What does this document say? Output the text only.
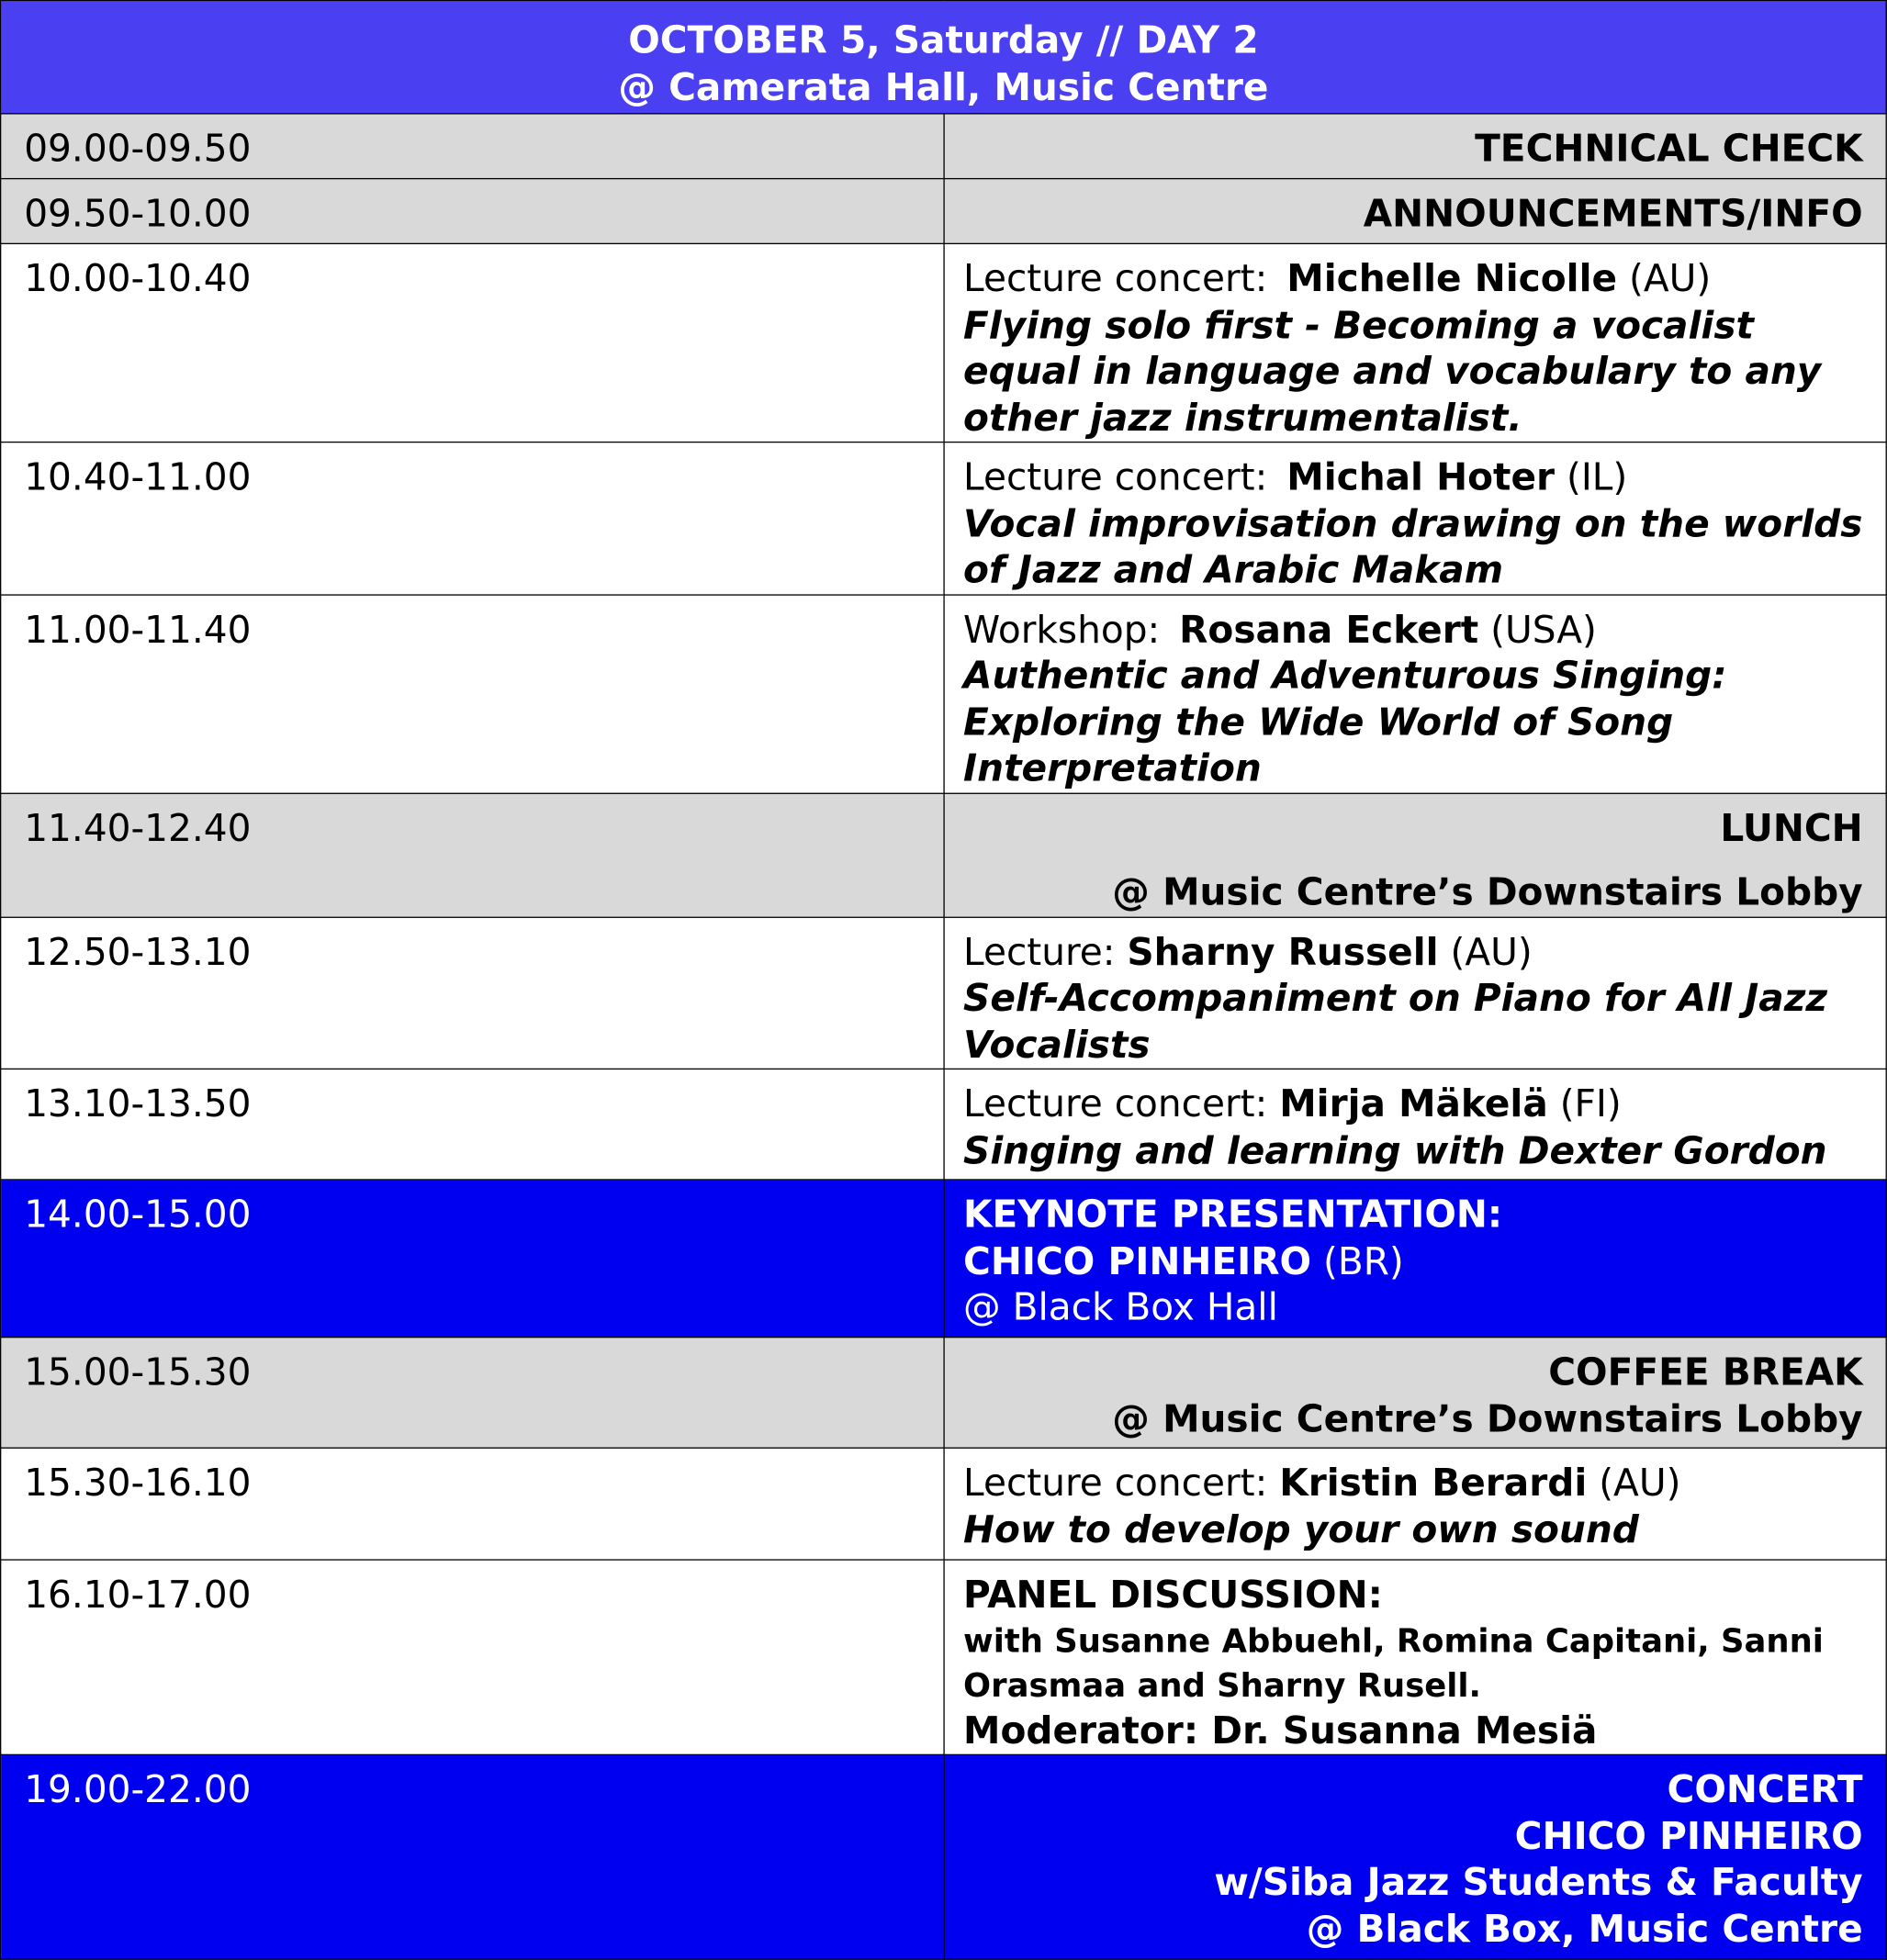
OCTOBER 5, Saturday // DAY 2
@ Camerata Hall, Music Centre	

09.00-09.50	TECHNICAL CHECK
09.50-10.00	ANNOUNCEMENTS/INFO
10.00-10.40	Lecture concert: Michelle Nicolle (AU)
Flying solo first - Becoming a vocalist equal in language and vocabulary to any other jazz instrumentalist.

10.40-11.00	Lecture concert: Michal Hoter (IL)
Vocal improvisation drawing on the worlds of Jazz and Arabic Makam

11.00-11.40	Workshop: Rosana Eckert (USA)
Authentic and Adventurous Singing: Exploring the Wide World of Song Interpretation

11.40-12.40	LUNCH
@ Music Centre’s Downstairs Lobby

12.50-13.10	Lecture: Sharny Russell (AU)
Self-Accompaniment on Piano for All Jazz Vocalists

13.10-13.50	Lecture concert: Mirja Mäkelä (FI)
Singing and learning with Dexter Gordon

14.00-15.00	KEYNOTE PRESENTATION:
CHICO PINHEIRO (BR)
@ Black Box Hall

15.00-15.30	COFFEE BREAK
@ Music Centre’s Downstairs Lobby

15.30-16.10	Lecture concert: Kristin Berardi (AU)
How to develop your own sound

16.10-17.00	PANEL DISCUSSION:
with Susanne Abbuehl, Romina Capitani, Sanni Orasmaa and Sharny Rusell.
Moderator: Dr. Susanna Mesiä

19.00-22.00	CONCERT
CHICO PINHEIRO
w/Siba Jazz Students & Faculty
@ Black Box, Music Centre
